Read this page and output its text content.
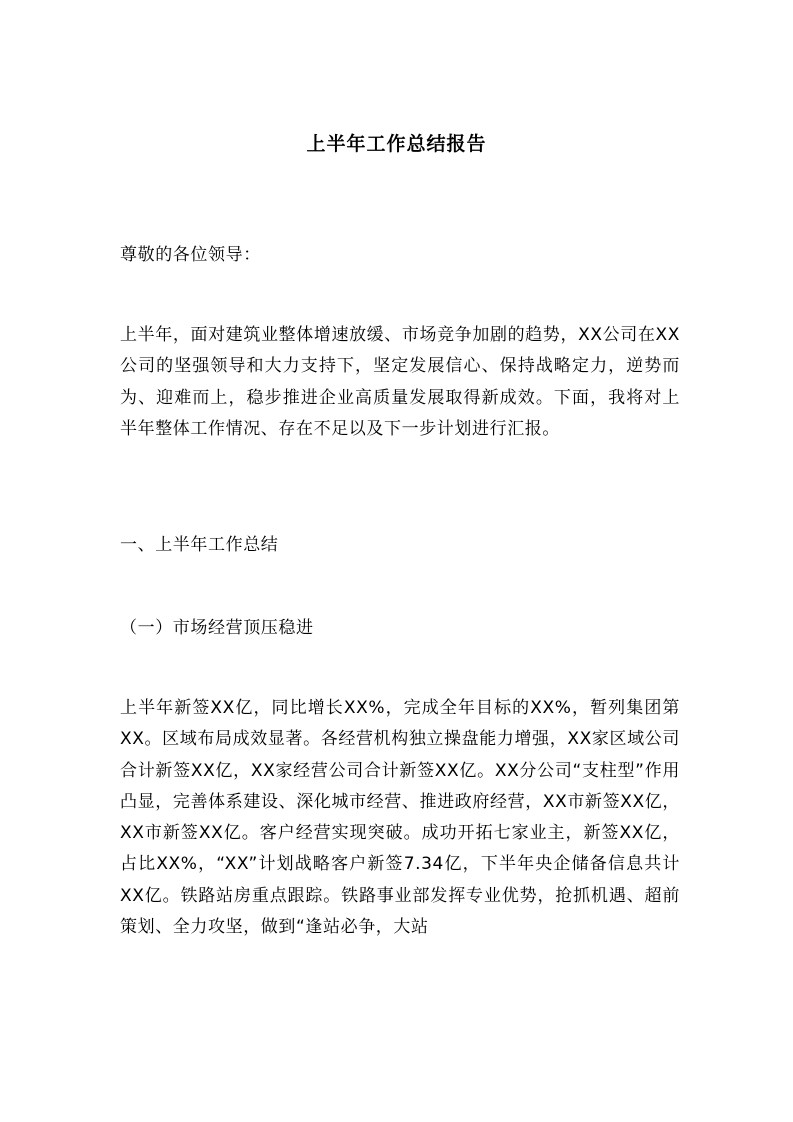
上半年工作总结报告
尊敬的各位领导：
上半年，面对建筑业整体增速放缓、市场竞争加剧的趋势，XX公司在XX公司的坚强领导和大力支持下，坚定发展信心、保持战略定力，逆势而为、迎难而上，稳步推进企业高质量发展取得新成效。下面，我将对上半年整体工作情况、存在不足以及下一步计划进行汇报。
一、上半年工作总结
（一）市场经营顶压稳进
上半年新签XX亿，同比增长XX%，完成全年目标的XX%，暂列集团第XX。区域布局成效显著。各经营机构独立操盘能力增强，XX家区域公司合计新签XX亿，XX家经营公司合计新签XX亿。XX分公司“支柱型”作用凸显，完善体系建设、深化城市经营、推进政府经营，XX市新签XX亿，XX市新签XX亿。客户经营实现突破。成功开拓七家业主，新签XX亿，占比XX%，“XX”计划战略客户新签7.34亿，下半年央企储备信息共计XX亿。铁路站房重点跟踪。铁路事业部发挥专业优势，抢抓机遇、超前策划、全力攻坚，做到“逢站必争，大站
